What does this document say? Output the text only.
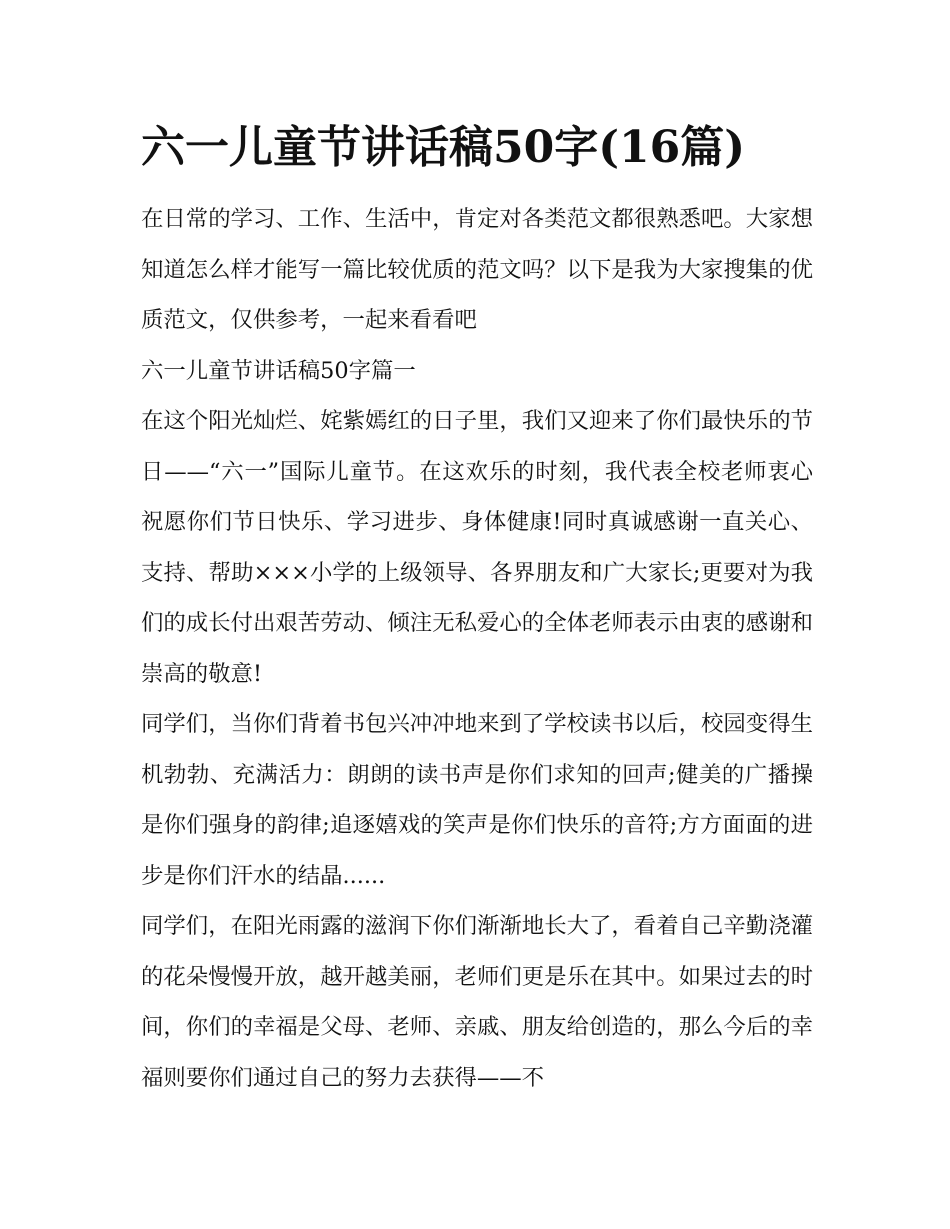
六一儿童节讲话稿50字(16篇)

在日常的学习、工作、生活中，肯定对各类范文都很熟悉吧。大家想知道怎么样才能写一篇比较优质的范文吗？以下是我为大家搜集的优质范文，仅供参考，一起来看看吧

六一儿童节讲话稿50字篇一

在这个阳光灿烂、姹紫嫣红的日子里，我们又迎来了你们最快乐的节日——“六一”国际儿童节。在这欢乐的时刻，我代表全校老师衷心祝愿你们节日快乐、学习进步、身体健康!同时真诚感谢一直关心、支持、帮助×××小学的上级领导、各界朋友和广大家长;更要对为我们的成长付出艰苦劳动、倾注无私爱心的全体老师表示由衷的感谢和崇高的敬意!

同学们，当你们背着书包兴冲冲地来到了学校读书以后，校园变得生机勃勃、充满活力：朗朗的读书声是你们求知的回声;健美的广播操是你们强身的韵律;追逐嬉戏的笑声是你们快乐的音符;方方面面的进步是你们汗水的结晶......

同学们，在阳光雨露的滋润下你们渐渐地长大了，看着自己辛勤浇灌的花朵慢慢开放，越开越美丽，老师们更是乐在其中。如果过去的时间，你们的幸福是父母、老师、亲戚、朋友给创造的，那么今后的幸福则要你们通过自己的努力去获得——不
